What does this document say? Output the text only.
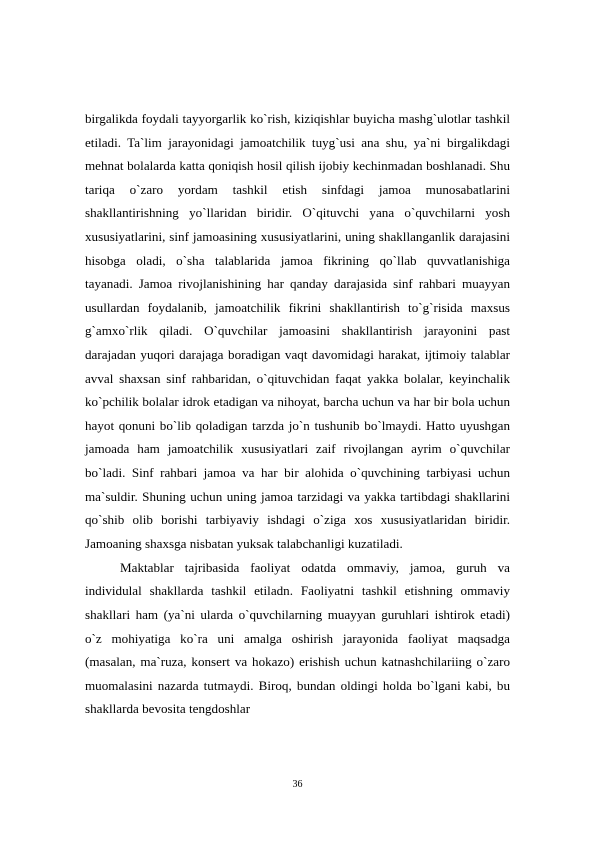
birgalikda foydali tayyorgarlik ko`rish, kiziqishlar buyicha mashg`ulotlar tashkil etiladi. Ta`lim jarayonidagi jamoatchilik tuyg`usi ana shu, ya`ni birgalikdagi mehnat bolalarda katta qoniqish hosil qilish ijobiy kechinmadan boshlanadi. Shu tariqa o`zaro yordam tashkil etish sinfdagi jamoa munosabatlarini shakllantirishning yo`llaridan biridir. O`qituvchi yana o`quvchilarni yosh xususiyatlarini, sinf jamoasining xususiyatlarini, uning shakllanganlik darajasini hisobga oladi, o`sha talablarida jamoa fikrining qo`llab quvvatlanishiga tayanadi. Jamoa rivojlanishining har qanday darajasida sinf rahbari muayyan usullardan foydalanib, jamoatchilik fikrini shakllantirish to`g`risida maxsus g`amxo`rlik qiladi. O`quvchilar jamoasini shakllantirish jarayonini past darajadan yuqori darajaga boradigan vaqt davomidagi harakat, ijtimoiy talablar avval shaxsan sinf rahbaridan, o`qituvchidan faqat yakka bolalar, keyinchalik ko`pchilik bolalar idrok etadigan va nihoyat, barcha uchun va har bir bola uchun hayot qonuni bo`lib qoladigan tarzda jo`n tushunib bo`lmaydi. Hatto uyushgan jamoada ham jamoatchilik xususiyatlari zaif rivojlangan ayrim o`quvchilar bo`ladi. Sinf rahbari jamoa va har bir alohida o`quvchining tarbiyasi uchun ma`suldir. Shuning uchun uning jamoa tarzidagi va yakka tartibdagi shakllarini qo`shib olib borishi tarbiyaviy ishdagi o`ziga xos xususiyatlaridan biridir. Jamoaning shaxsga nisbatan yuksak talabchanligi kuzatiladi.

Maktablar tajribasida faoliyat odatda ommaviy, jamoa, guruh va individulal shakllarda tashkil etiladn. Faoliyatni tashkil etishning ommaviy shakllari ham (ya`ni ularda o`quvchilarning muayyan guruhlari ishtirok etadi) o`z mohiyatiga ko`ra uni amalga oshirish jarayonida faoliyat maqsadga (masalan, ma`ruza, konsert va hokazo) erishish uchun katnashchilariing o`zaro muomalasini nazarda tutmaydi. Biroq, bundan oldingi holda bo`lgani kabi, bu shakllarda bevosita tengdoshlar

36
